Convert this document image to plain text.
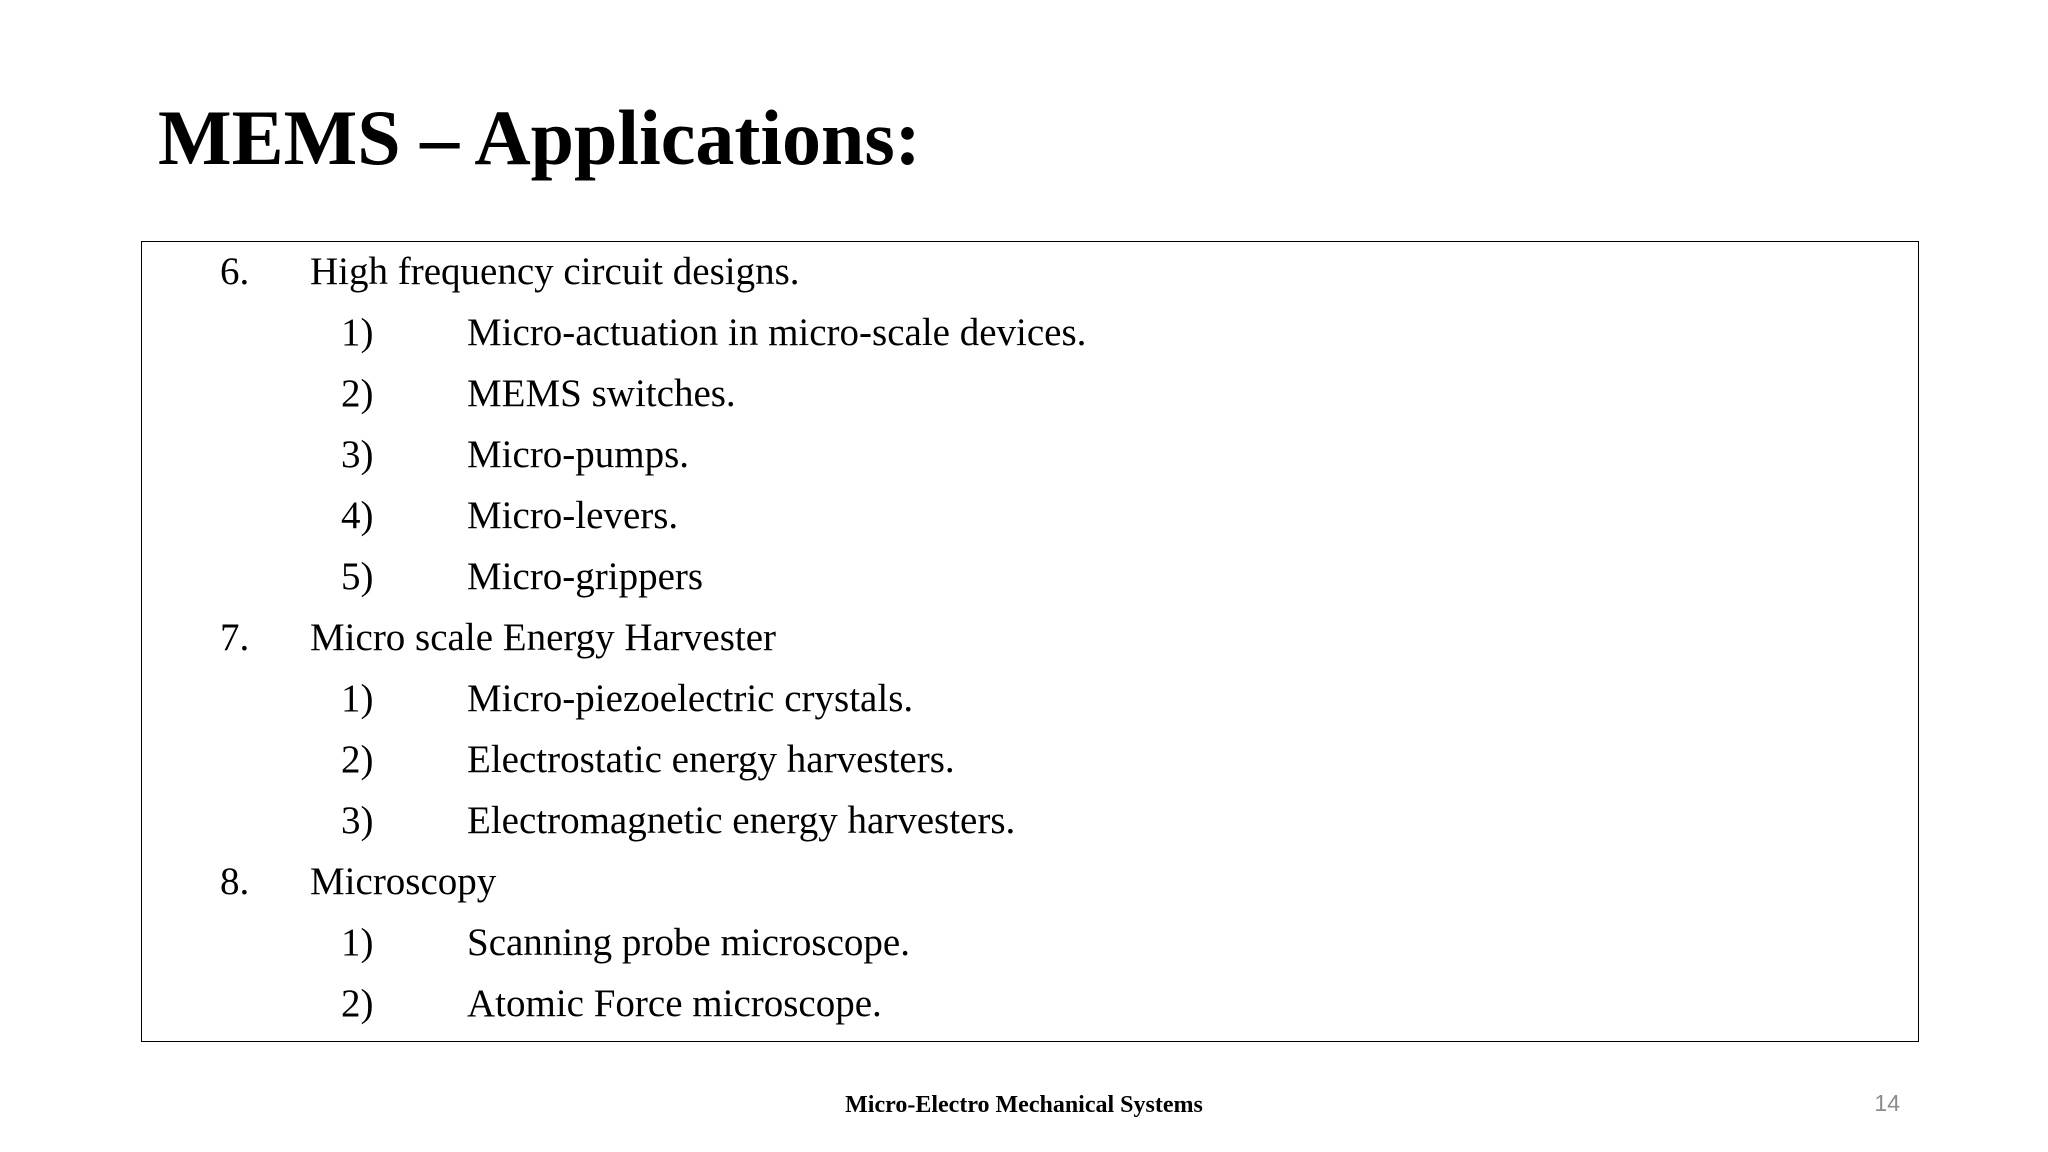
MEMS – Applications:
6. High frequency circuit designs.
1) Micro-actuation in micro-scale devices.
2) MEMS switches.
3) Micro-pumps.
4) Micro-levers.
5) Micro-grippers
7. Micro scale Energy Harvester
1) Micro-piezoelectric crystals.
2) Electrostatic energy harvesters.
3) Electromagnetic energy harvesters.
8. Microscopy
1) Scanning probe microscope.
2) Atomic Force microscope.
Micro-Electro Mechanical Systems	14
